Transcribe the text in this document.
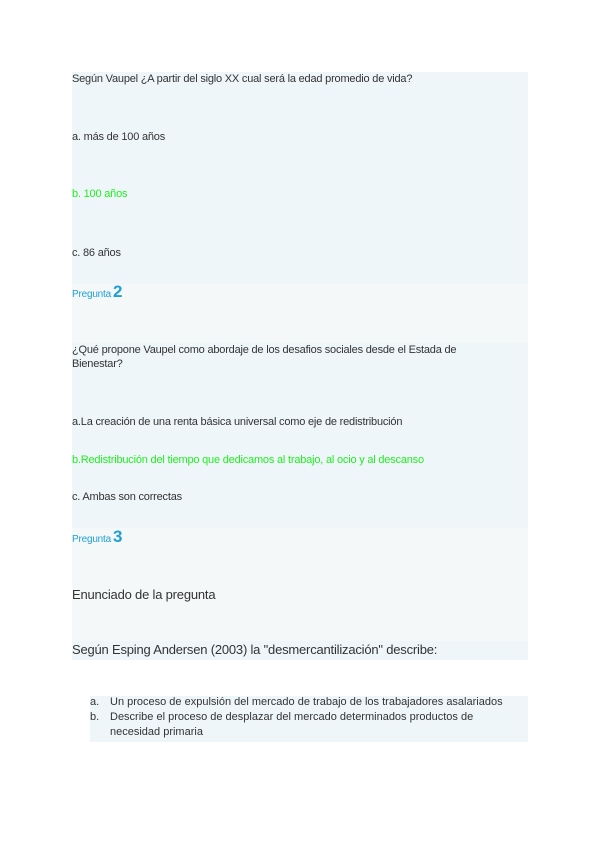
Según Vaupel ¿A partir del siglo XX cual será la edad promedio de vida?
a. más de 100 años
b. 100 años
c. 86 años
Pregunta 2
¿Qué propone Vaupel como abordaje de los desafios sociales desde el Estada de
Bienestar?
a.La creación de una renta básica universal como eje de redistribución
b.Redistribución del tiempo que dedicamos al trabajo, al ocio y al descanso
c. Ambas son correctas
Pregunta 3
Enunciado de la pregunta
Según Esping Andersen (2003) la "desmercantilización" describe:
a. Un proceso de expulsión del mercado de trabajo de los trabajadores asalariados
b. Describe el proceso de desplazar del mercado determinados productos de
necesidad primaria
